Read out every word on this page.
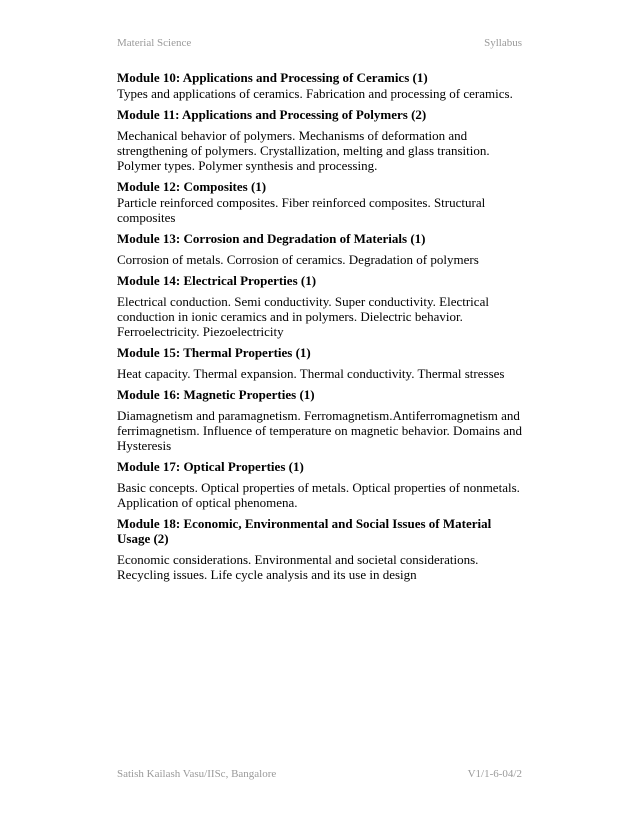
Material Science	Syllabus
Module 10: Applications and Processing of Ceramics (1)

Types and applications of ceramics. Fabrication and processing of ceramics.

Module 11: Applications and Processing of Polymers (2)

Mechanical behavior of polymers. Mechanisms of deformation and strengthening of polymers. Crystallization, melting and glass transition. Polymer types. Polymer synthesis and processing.

Module 12: Composites (1)

Particle reinforced composites. Fiber reinforced composites. Structural composites

Module 13: Corrosion and Degradation of Materials (1)

Corrosion of metals. Corrosion of ceramics. Degradation of polymers

Module 14: Electrical Properties (1)

Electrical conduction. Semi conductivity. Super conductivity. Electrical conduction in ionic ceramics and in polymers. Dielectric behavior. Ferroelectricity. Piezoelectricity

Module 15: Thermal Properties (1)

Heat capacity. Thermal expansion. Thermal conductivity. Thermal stresses

Module 16: Magnetic Properties (1)

Diamagnetism and paramagnetism. Ferromagnetism.Antiferromagnetism and ferrimagnetism. Influence of temperature on magnetic behavior. Domains and Hysteresis

Module 17: Optical Properties (1)

Basic concepts. Optical properties of metals. Optical properties of nonmetals. Application of optical phenomena.

Module 18: Economic, Environmental and Social Issues of Material Usage (2)

Economic considerations. Environmental and societal considerations. Recycling issues. Life cycle analysis and its use in design

Satish Kailash Vasu/IISc, Bangalore	V1/1-6-04/2
